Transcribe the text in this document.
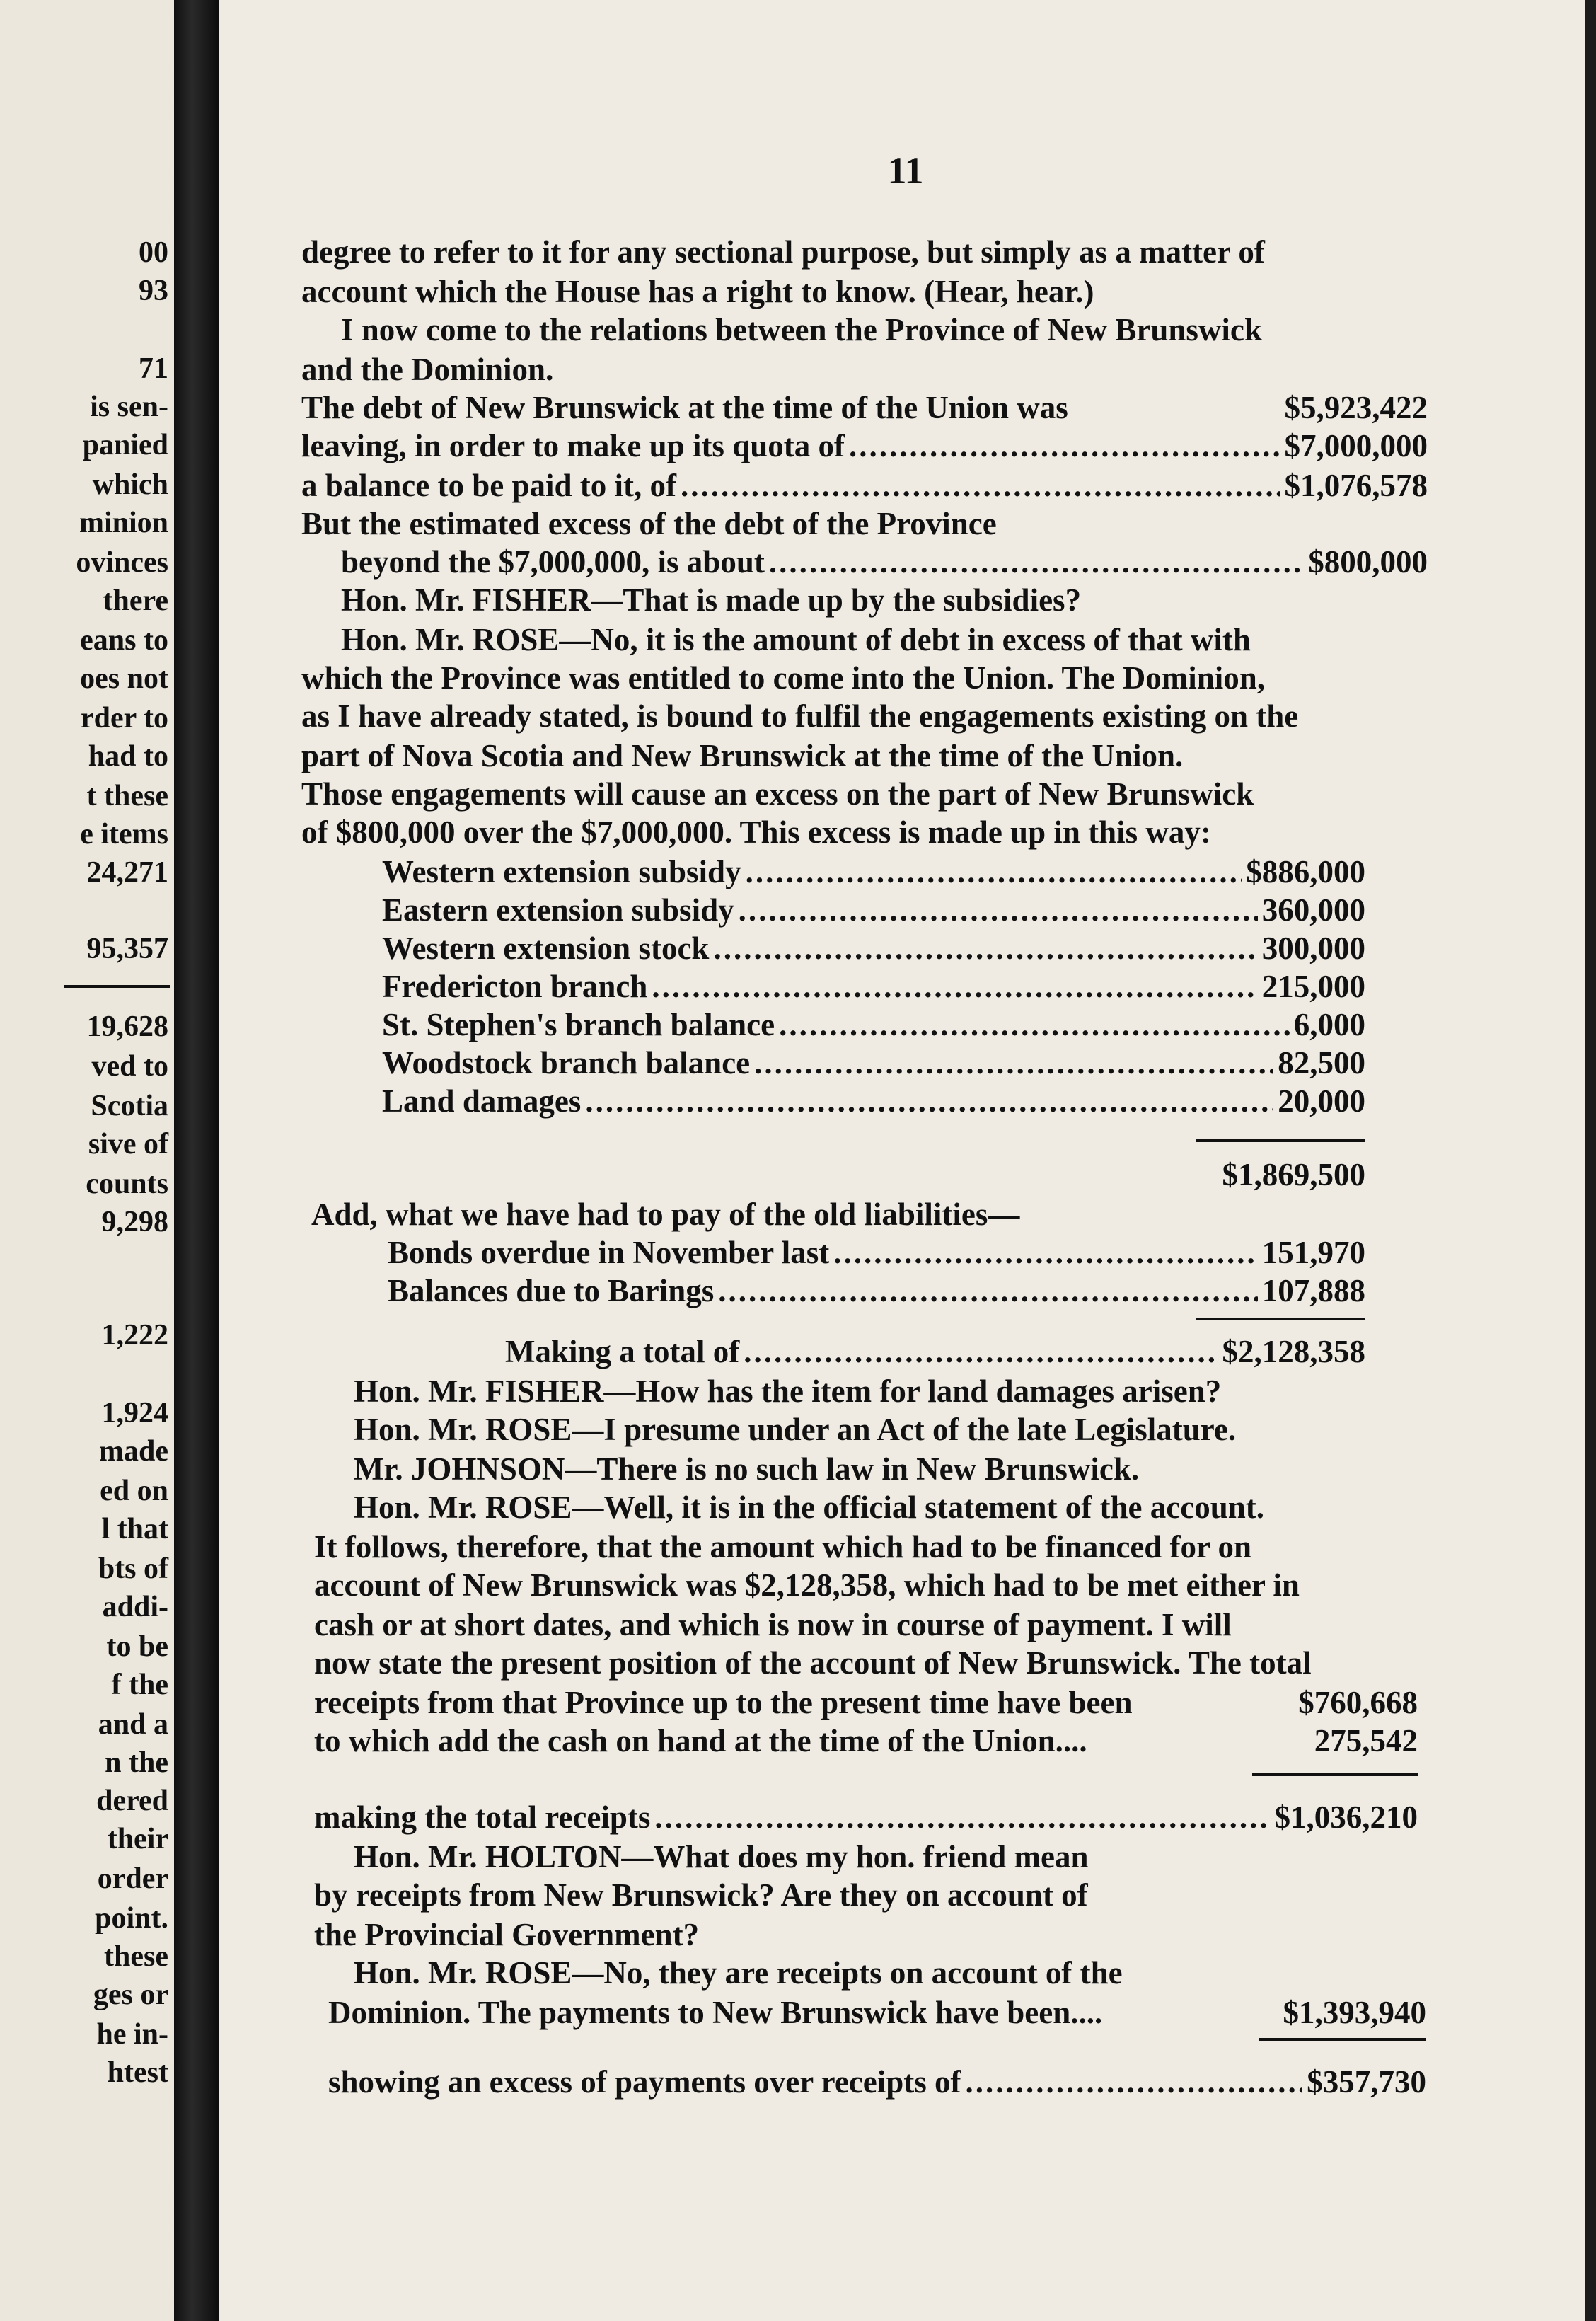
00
93
71
is sen-
panied
which
minion
ovinces
there
eans to
oes not
rder to
had to
t these
e items
24,271
95,357
19,628
ved to
Scotia
sive of
counts
9,298
1,222
1,924
made
ed on
l that
bts of
addi-
to be
f the
and a
n the
dered
their
order
point.
these
ges or
he in-
htest
11
degree to refer to it for any sectional purpose, but simply as a matter of
account which the House has a right to know. (Hear, hear.)
I now come to the relations between the Province of New Brunswick
and the Dominion.
The debt of New Brunswick at the time of the Union was	$5,923,422
leaving, in order to make up its quota of .....	$7,000,000
a balance to be paid to it, of .....	$1,076,578
But the estimated excess of the debt of the Province
beyond the $7,000,000, is about .....	$800,000
Hon. Mr. FISHER—That is made up by the subsidies?
Hon. Mr. ROSE—No, it is the amount of debt in excess of that with
which the Province was entitled to come into the Union. The Dominion,
as I have already stated, is bound to fulfil the engagements existing on the
part of Nova Scotia and New Brunswick at the time of the Union.
Those engagements will cause an excess on the part of New Brunswick
of $800,000 over the $7,000,000. This excess is made up in this way:
Western extension subsidy .....	$886,000
Eastern extension subsidy .....	360,000
Western extension stock .....	300,000
Fredericton branch .....	215,000
St. Stephen's branch balance .....	6,000
Woodstock branch balance .....	82,500
Land damages .....	20,000
$1,869,500
Add, what we have had to pay of the old liabilities—
Bonds overdue in November last .....	151,970
Balances due to Barings .....	107,888
Making a total of .....	$2,128,358
Hon. Mr. FISHER—How has the item for land damages arisen?
Hon. Mr. ROSE—I presume under an Act of the late Legislature.
Mr. JOHNSON—There is no such law in New Brunswick.
Hon. Mr. ROSE—Well, it is in the official statement of the account.
It follows, therefore, that the amount which had to be financed for on
account of New Brunswick was $2,128,358, which had to be met either in
cash or at short dates, and which is now in course of payment. I will
now state the present position of the account of New Brunswick. The total
receipts from that Province up to the present time have been	$760,668
to which add the cash on hand at the time of the Union....	275,542
making the total receipts .....	$1,036,210
Hon. Mr. HOLTON—What does my hon. friend mean
by receipts from New Brunswick? Are they on account of
the Provincial Government?
Hon. Mr. ROSE—No, they are receipts on account of the
Dominion. The payments to New Brunswick have been....	$1,393,940
showing an excess of payments over receipts of .....	$357,730
